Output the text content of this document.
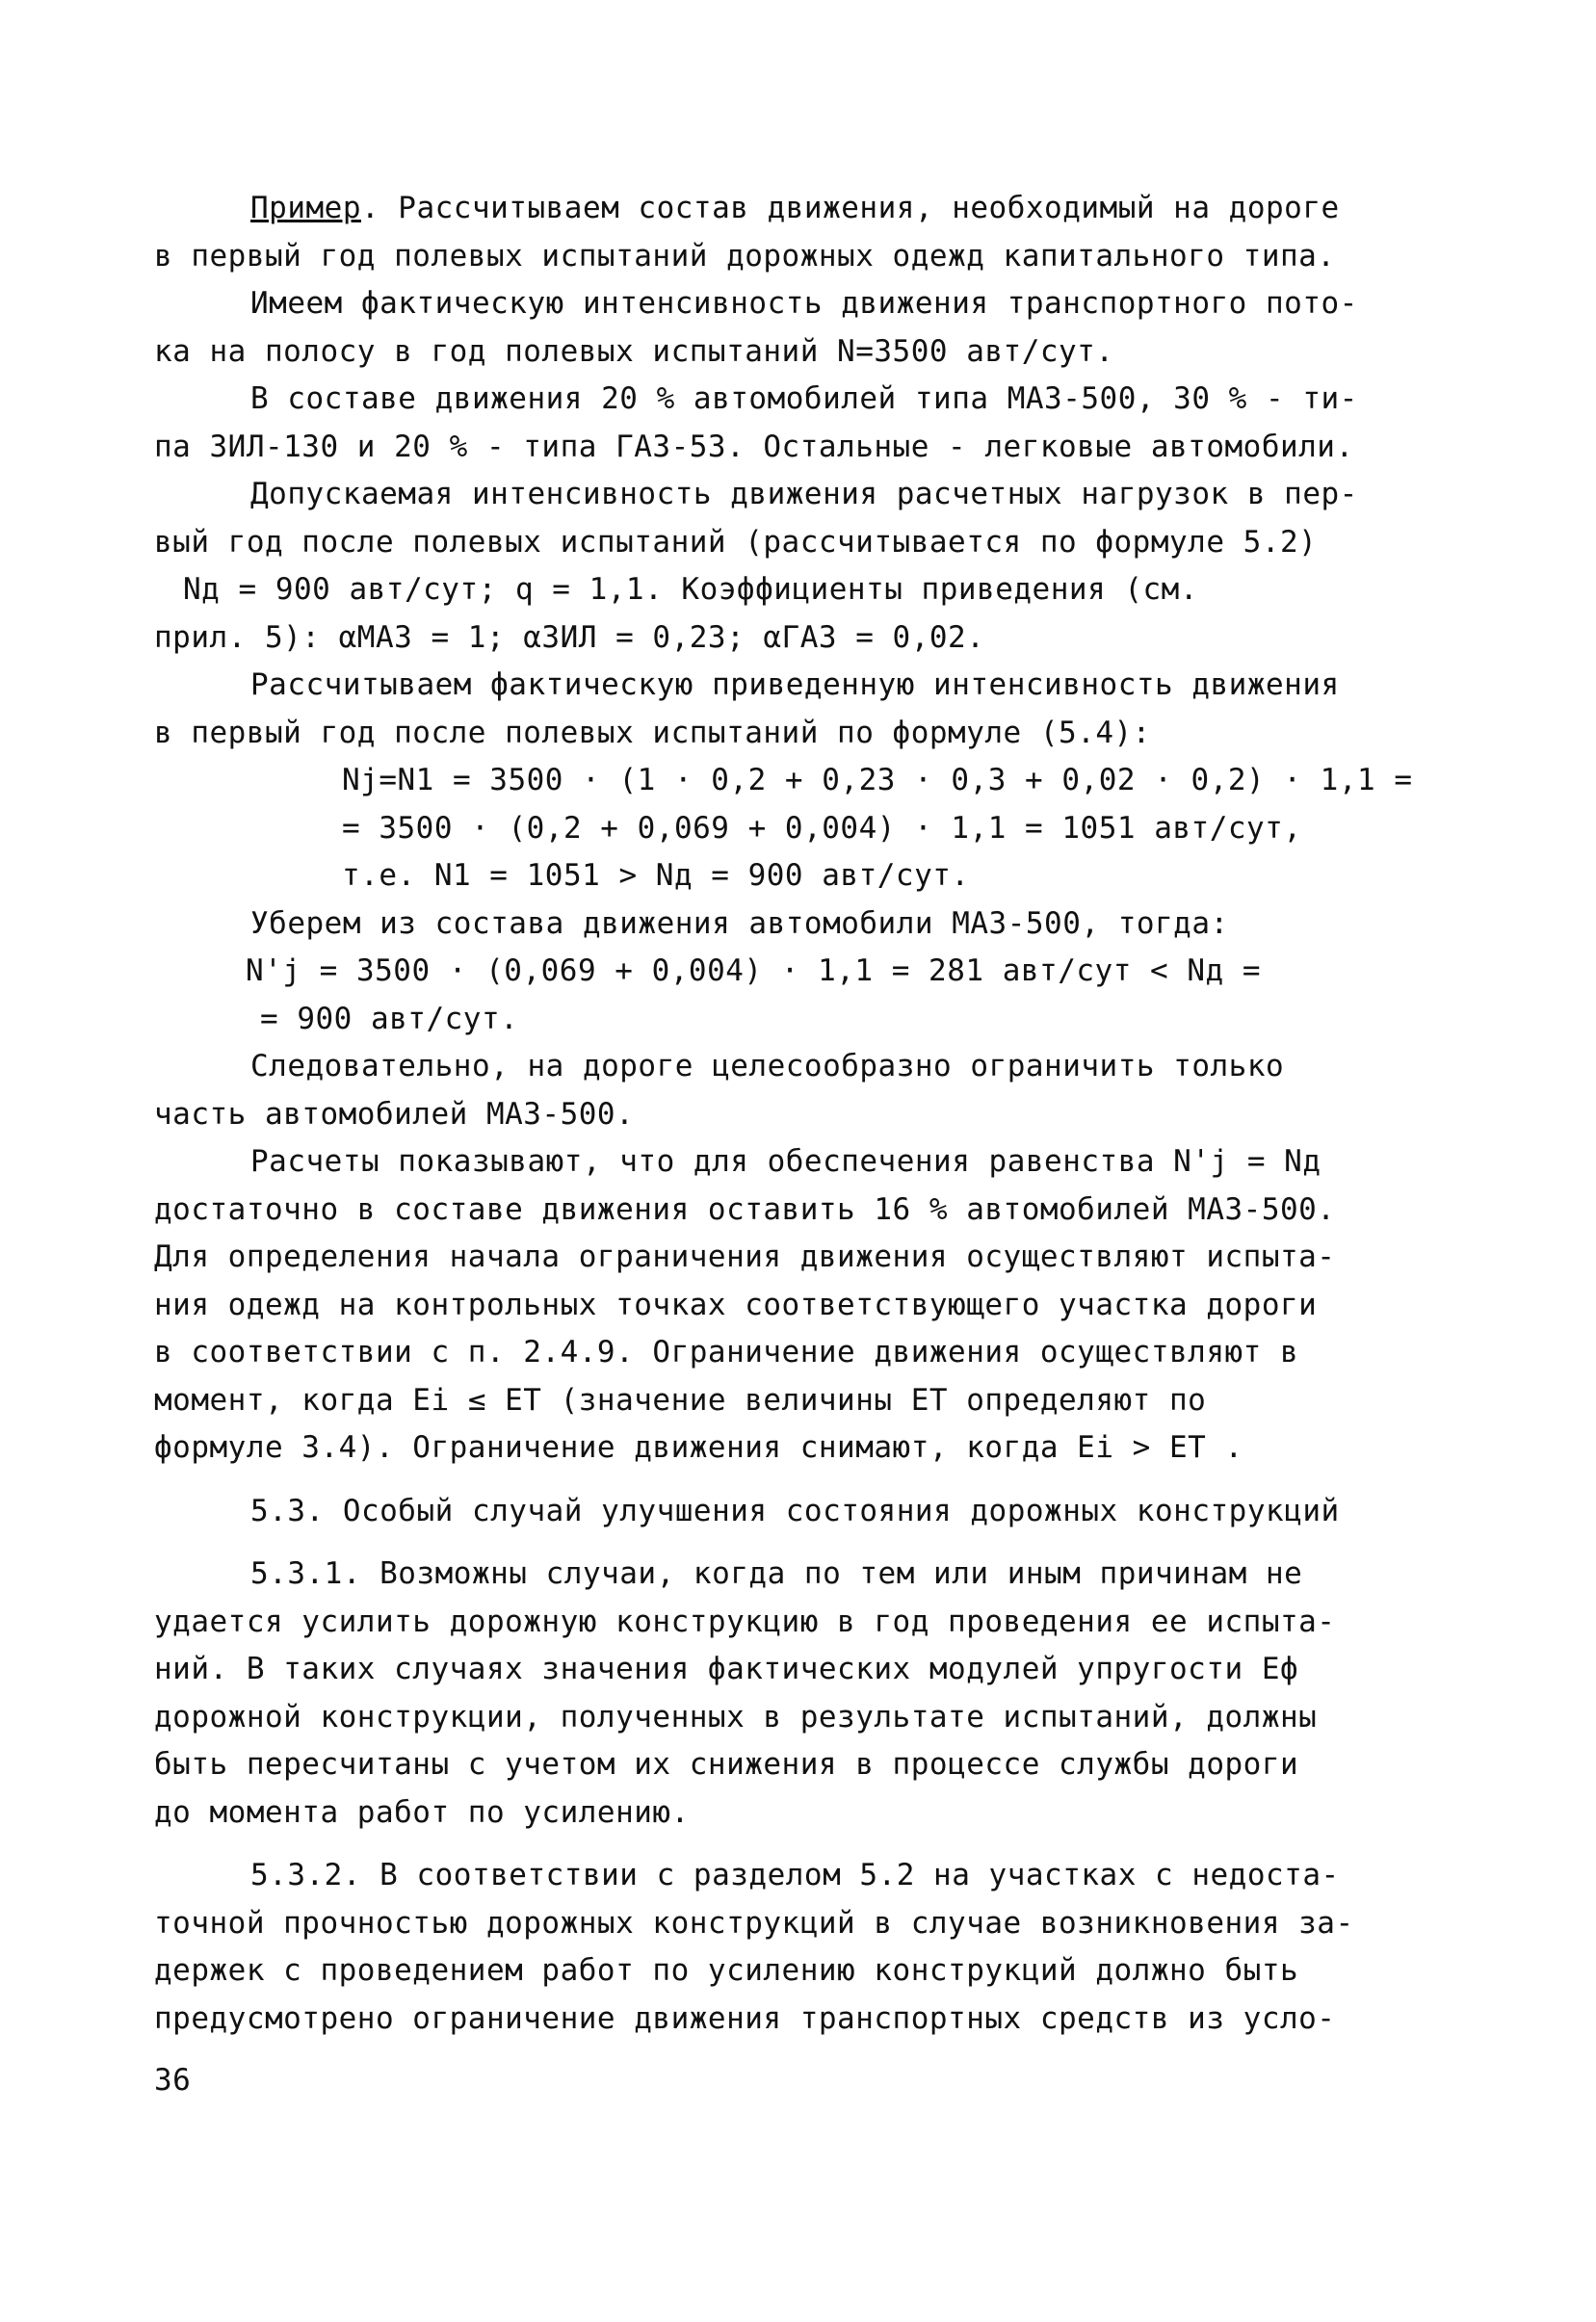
Пример. Рассчитываем состав движения, необходимый на дороге
в первый год полевых испытаний дорожных одежд капитального типа.
Имеем фактическую интенсивность движения транспортного пото-
ка на полосу в год полевых испытаний N=3500 авт/сут.
В составе движения 20 % автомобилей типа МАЗ-500, 30 % - ти-
па ЗИЛ-130 и 20 % - типа ГАЗ-53. Остальные - легковые автомобили.
Допускаемая интенсивность движения расчетных нагрузок в пер-
вый год после полевых испытаний (рассчитывается по формуле 5.2)
Nд = 900 авт/сут; q = 1,1. Коэффициенты приведения (см.
прил. 5): αМАЗ = 1; αЗИЛ = 0,23; αГАЗ = 0,02.
Рассчитываем фактическую приведенную интенсивность движения
в первый год после полевых испытаний по формуле (5.4):
Nj=N1 = 3500 · (1 · 0,2 + 0,23 · 0,3 + 0,02 · 0,2) · 1,1 =
= 3500 · (0,2 + 0,069 + 0,004) · 1,1 = 1051 авт/сут,
т.е. N1 = 1051 > Nд = 900 авт/сут.
Уберем из состава движения автомобили МАЗ-500, тогда:
N'j = 3500 · (0,069 + 0,004) · 1,1 = 281 авт/сут < Nд =
= 900 авт/сут.
Следовательно, на дороге целесообразно ограничить только
часть автомобилей МАЗ-500.
Расчеты показывают, что для обеспечения равенства N'j = Nд
достаточно в составе движения оставить 16 % автомобилей МАЗ-500.
Для определения начала ограничения движения осуществляют испыта-
ния одежд на контрольных точках соответствующего участка дороги
в соответствии с п. 2.4.9. Ограничение движения осуществляют в
момент, когда Ei ≤ ET (значение величины ET определяют по
формуле 3.4). Ограничение движения снимают, когда Ei > ET .
5.3. Особый случай улучшения состояния дорожных конструкций
5.3.1. Возможны случаи, когда по тем или иным причинам не
удается усилить дорожную конструкцию в год проведения ее испыта-
ний. В таких случаях значения фактических модулей упругости Eф
дорожной конструкции, полученных в результате испытаний, должны
быть пересчитаны с учетом их снижения в процессе службы дороги
до момента работ по усилению.
5.3.2. В соответствии с разделом 5.2 на участках с недоста-
точной прочностью дорожных конструкций в случае возникновения за-
держек с проведением работ по усилению конструкций должно быть
предусмотрено ограничение движения транспортных средств из усло-
36
